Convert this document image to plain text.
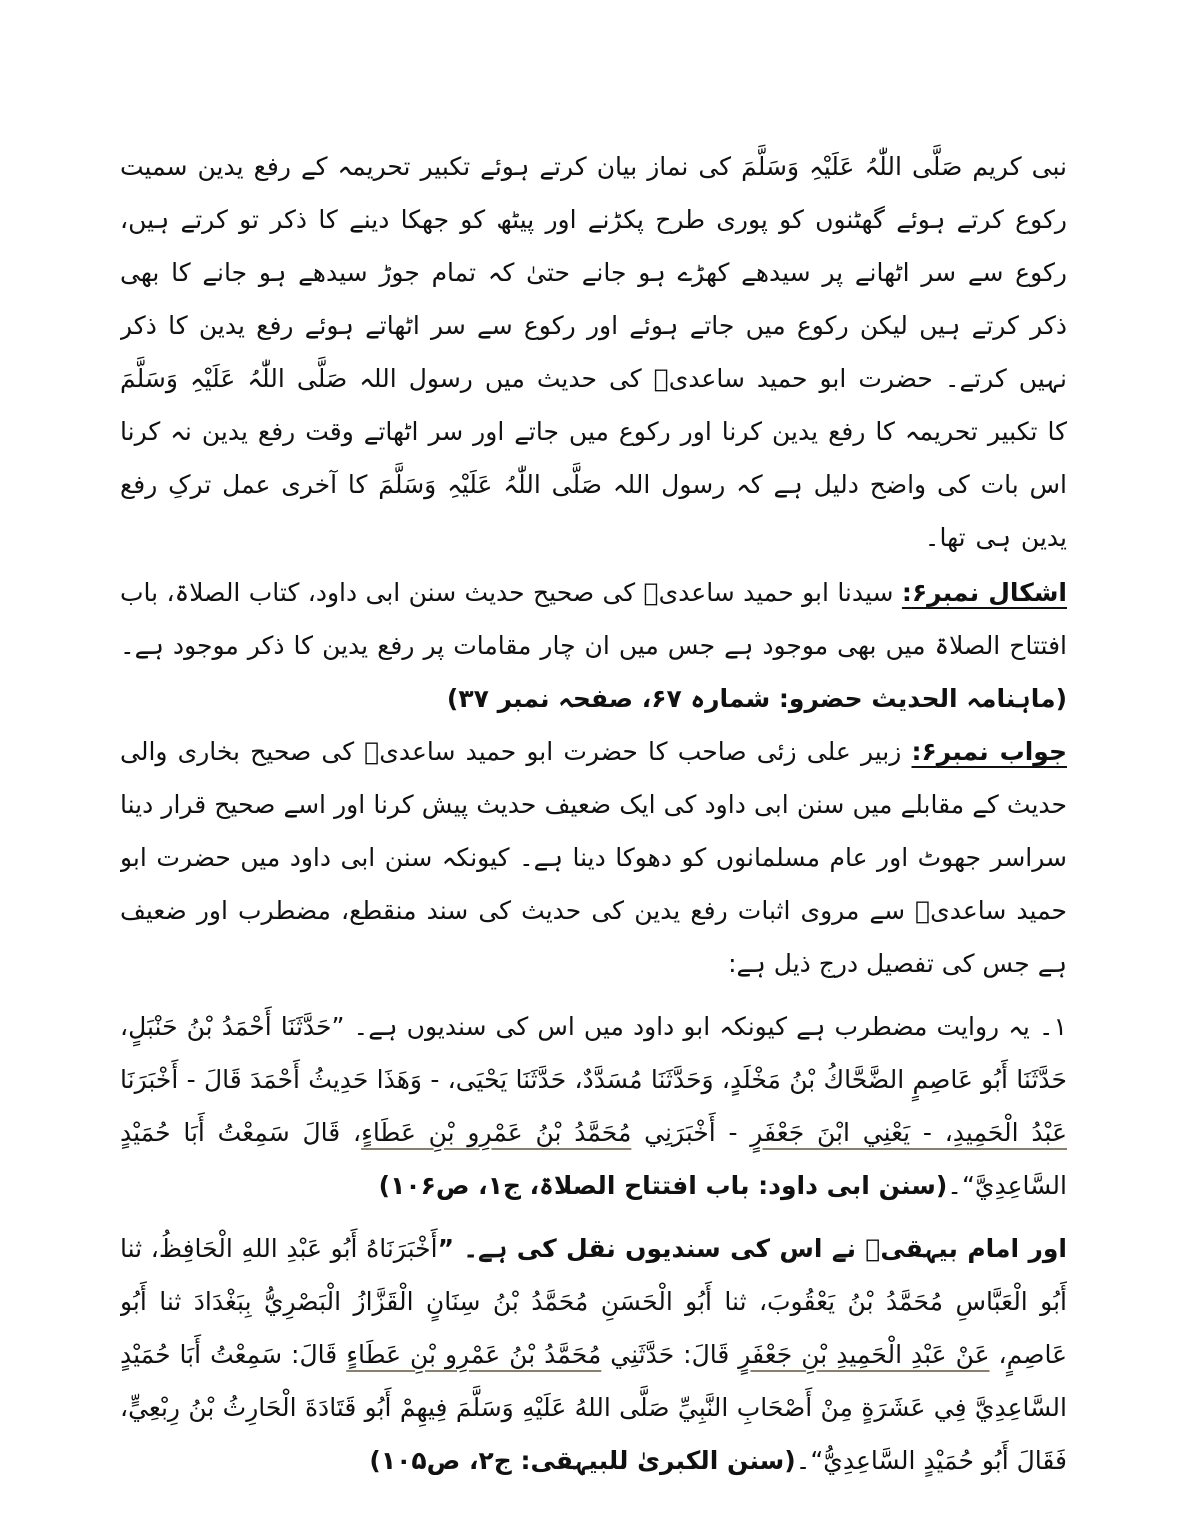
نبی کریم صَلَّی اللّٰہُ عَلَیْہِ وَسَلَّمَ کی نماز بیان کرتے ہوئے تکبیر تحریمہ کے رفع یدین سمیت رکوع کرتے ہوئے گھٹنوں کو پوری طرح پکڑنے اور پیٹھ کو جھکا دینے کا ذکر تو کرتے ہیں، رکوع سے سر اٹھانے پر سیدھے کھڑے ہو جانے حتیٰ کہ تمام جوڑ سیدھے ہو جانے کا بھی ذکر کرتے ہیں لیکن رکوع میں جاتے ہوئے اور رکوع سے سر اٹھاتے ہوئے رفع یدین کا ذکر نہیں کرتے۔ حضرت ابو حمید ساعدیؓ کی حدیث میں رسول اللہ صَلَّی اللّٰہُ عَلَیْہِ وَسَلَّمَ کا تکبیر تحریمہ کا رفع یدین کرنا اور رکوع میں جاتے اور سر اٹھاتے وقت رفع یدین نہ کرنا اس بات کی واضح دلیل ہے کہ رسول اللہ صَلَّی اللّٰہُ عَلَیْہِ وَسَلَّمَ کا آخری عمل ترکِ رفع یدین ہی تھا۔

اشکال نمبر۶: سیدنا ابو حمید ساعدیؓ کی صحیح حدیث سنن ابی داود، کتاب الصلاۃ، باب افتتاح الصلاۃ میں بھی موجود ہے جس میں ان چار مقامات پر رفع یدین کا ذکر موجود ہے۔ (ماہنامہ الحدیث حضرو: شمارہ ۶۷، صفحہ نمبر ۳۷)

جواب نمبر۶: زبیر علی زئی صاحب کا حضرت ابو حمید ساعدیؓ کی صحیح بخاری والی حدیث کے مقابلے میں سنن ابی داود کی ایک ضعیف حدیث پیش کرنا اور اسے صحیح قرار دینا سراسر جھوٹ اور عام مسلمانوں کو دھوکا دینا ہے۔ کیونکہ سنن ابی داود میں حضرت ابو حمید ساعدیؓ سے مروی اثبات رفع یدین کی حدیث کی سند منقطع، مضطرب اور ضعیف ہے جس کی تفصیل درج ذیل ہے:

۱۔ یہ روایت مضطرب ہے کیونکہ ابو داود میں اس کی سندیوں ہے۔ ”حَدَّثَنَا أَحْمَدُ بْنُ حَنْبَلٍ، حَدَّثَنَا أَبُو عَاصِمٍ الضَّحَّاكُ بْنُ مَخْلَدٍ، وَحَدَّثَنَا مُسَدَّدٌ، حَدَّثَنَا يَحْيَى، - وَهَذَا حَدِيثُ أَحْمَدَ قَالَ - أَخْبَرَنَا عَبْدُ الْحَمِيدِ، - يَعْنِي ابْنَ جَعْفَرٍ - أَخْبَرَنِي مُحَمَّدُ بْنُ عَمْرِو بْنِ عَطَاءٍ، قَالَ سَمِعْتُ أَبَا حُمَيْدٍ السَّاعِدِيَّ“۔(سنن ابی داود: باب افتتاح الصلاۃ، ج۱، ص۱۰۶)

اور امام بیہقیؒ نے اس کی سندیوں نقل کی ہے۔ ”أَخْبَرَنَاهُ أَبُو عَبْدِ اللهِ الْحَافِظُ، ثنا أَبُو الْعَبَّاسِ مُحَمَّدُ بْنُ يَعْقُوبَ، ثنا أَبُو الْحَسَنِ مُحَمَّدُ بْنُ سِنَانٍ الْقَزَّازُ الْبَصْرِيُّ بِبَغْدَادَ ثنا أَبُو عَاصِمٍ، عَنْ عَبْدِ الْحَمِيدِ بْنِ جَعْفَرٍ قَالَ: حَدَّثَنِي مُحَمَّدُ بْنُ عَمْرِو بْنِ عَطَاءٍ قَالَ: سَمِعْتُ أَبَا حُمَيْدٍ السَّاعِدِيَّ فِي عَشَرَةٍ مِنْ أَصْحَابِ النَّبِيِّ صَلَّى اللهُ عَلَيْهِ وَسَلَّمَ فِيهِمْ أَبُو قَتَادَةَ الْحَارِثُ بْنُ رِبْعِيٍّ، فَقَالَ أَبُو حُمَيْدٍ السَّاعِدِيُّ“۔(سنن الکبریٰ للبیہقی: ج۲، ص۱۰۵)
